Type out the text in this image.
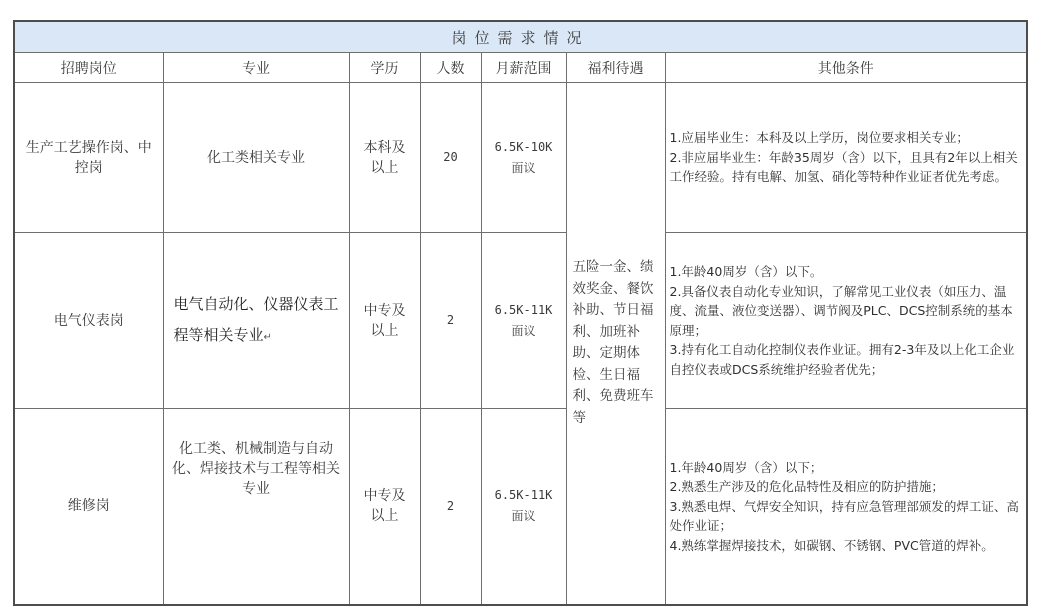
岗位需求情况						
招聘岗位	专业	学历	人数	月薪范围	福利待遇	其他条件
生产工艺操作岗、中控岗	化工类相关专业	本科及以上	20	6.5K-10K面议	五险一金、绩效奖金、餐饮补助、节日福利、加班补助、定期体检、生日福利、免费班车等	1.应届毕业生：本科及以上学历，岗位要求相关专业；
2.非应届毕业生：年龄35周岁（含）以下，且具有2年以上相关工作经验。持有电解、加氢、硝化等特种作业证者优先考虑。

电气仪表岗	电气自动化、仪器仪表工程等相关专业↵	中专及以上	2	6.5K-11K面议		1.年龄40周岁（含）以下。
2.具备仪表自动化专业知识，了解常见工业仪表（如压力、温度、流量、液位变送器）、调节阀及PLC、DCS控制系统的基本原理；
3.持有化工自动化控制仪表作业证。拥有2-3年及以上化工企业自控仪表或DCS系统维护经验者优先；

维修岗	化工类、机械制造与自动化、焊接技术与工程等相关专业	中专及以上	2	6.5K-11K面议		1.年龄40周岁（含）以下；
2.熟悉生产涉及的危化品特性及相应的防护措施；
3.熟悉电焊、气焊安全知识，持有应急管理部颁发的焊工证、高处作业证；
4.熟练掌握焊接技术，如碳钢、不锈钢、PVC管道的焊补。
